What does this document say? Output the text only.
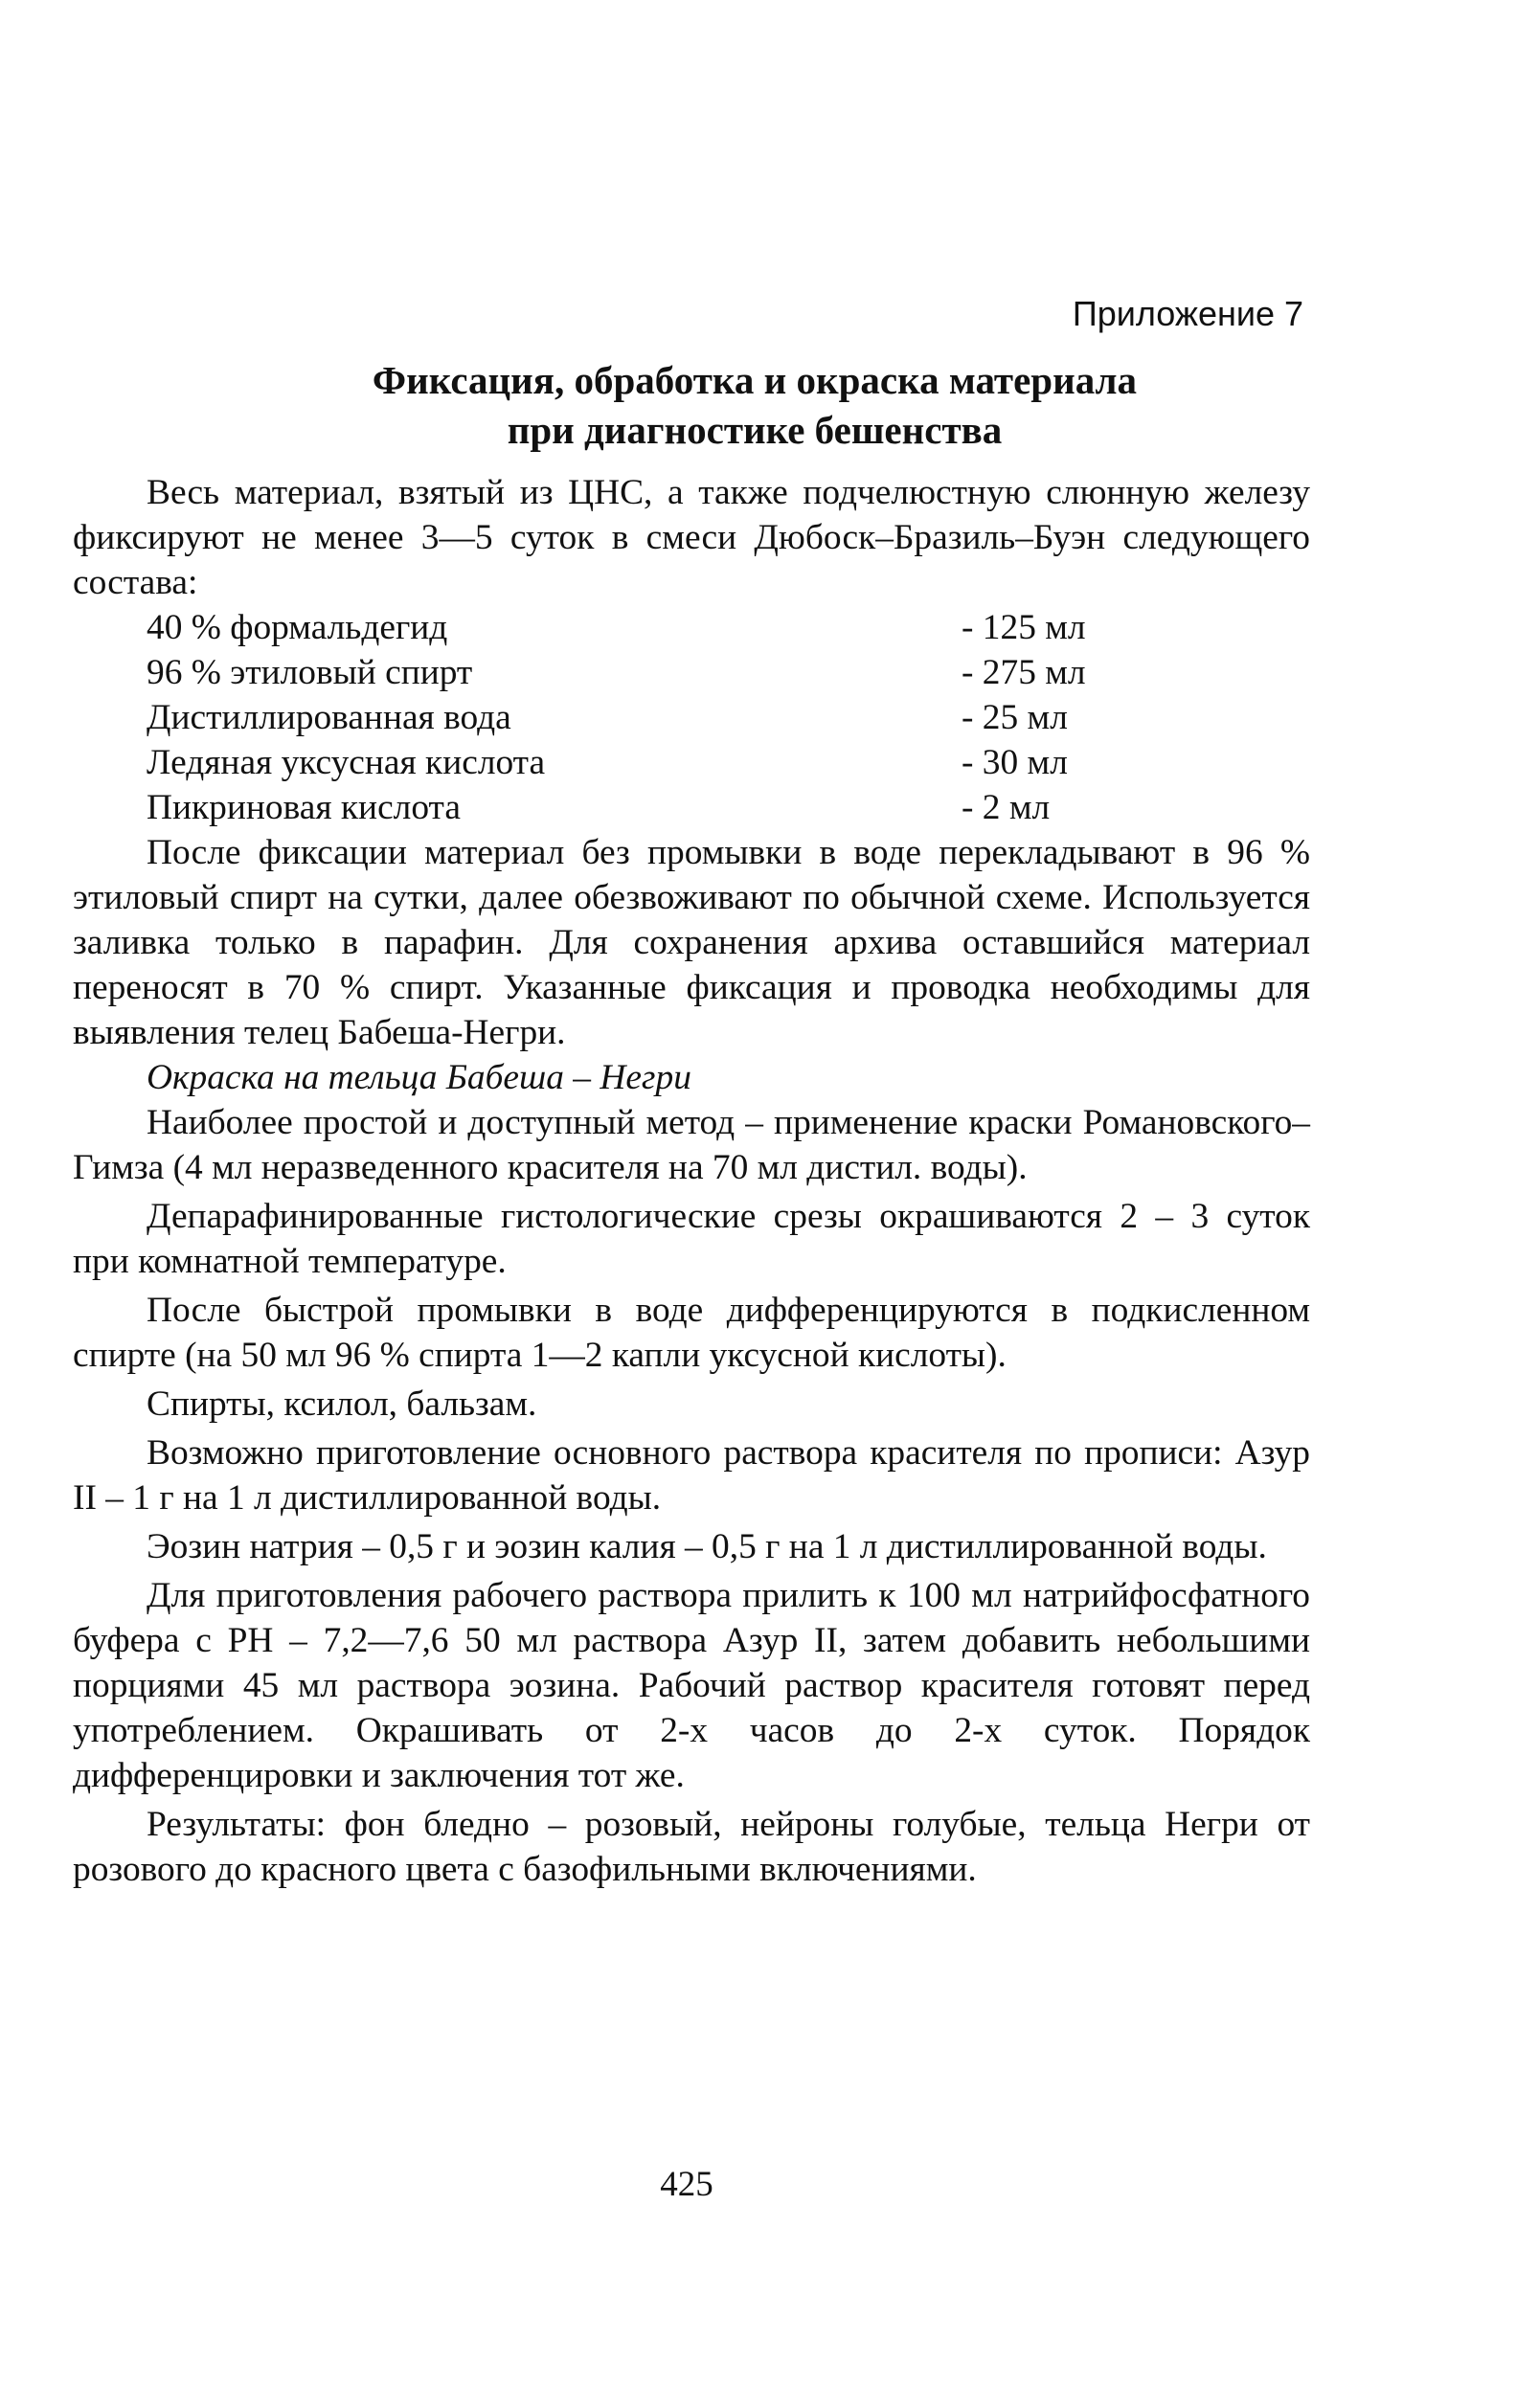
Приложение 7

Фиксация, обработка и окраска материала
при диагностике бешенства

Весь материал, взятый из ЦНС, а также подчелюстную слюнную железу фиксируют не менее 3—5 суток в смеси Дюбоск–Бразиль–Буэн следующего состава:

40 % формальдегид	- 125 мл
96 % этиловый спирт	- 275 мл
Дистиллированная вода	- 25 мл
Ледяная уксусная кислота	- 30 мл
Пикриновая кислота	- 2 мл

После фиксации материал без промывки в воде перекладывают в 96 % этиловый спирт на сутки, далее обезвоживают по обычной схеме. Используется заливка только в парафин. Для сохранения архива оставшийся материал переносят в 70 % спирт. Указанные фиксация и проводка необходимы для выявления телец Бабеша-Негри.

Окраска на тельца Бабеша – Негри

Наиболее простой и доступный метод – применение краски Романовского–Гимза (4 мл неразведенного красителя на 70 мл дистил. воды).

Депарафинированные гистологические срезы окрашиваются 2 – 3 суток при комнатной температуре.

После быстрой промывки в воде дифференцируются в подкисленном спирте (на 50 мл 96 % спирта 1—2 капли уксусной кислоты).

Спирты, ксилол, бальзам.

Возможно приготовление основного раствора красителя по прописи: Азур II – 1 г на 1 л дистиллированной воды.

Эозин натрия – 0,5 г и эозин калия – 0,5 г на 1 л дистиллированной воды.

Для приготовления рабочего раствора прилить к 100 мл натрийфосфатного буфера с РН – 7,2—7,6 50 мл раствора Азур II, затем добавить небольшими порциями 45 мл раствора эозина. Рабочий раствор красителя готовят перед употреблением. Окрашивать от 2-х часов до 2-х суток. Порядок дифференцировки и заключения тот же.

Результаты: фон бледно – розовый, нейроны голубые, тельца Негри от розового до красного цвета с базофильными включениями.

425
